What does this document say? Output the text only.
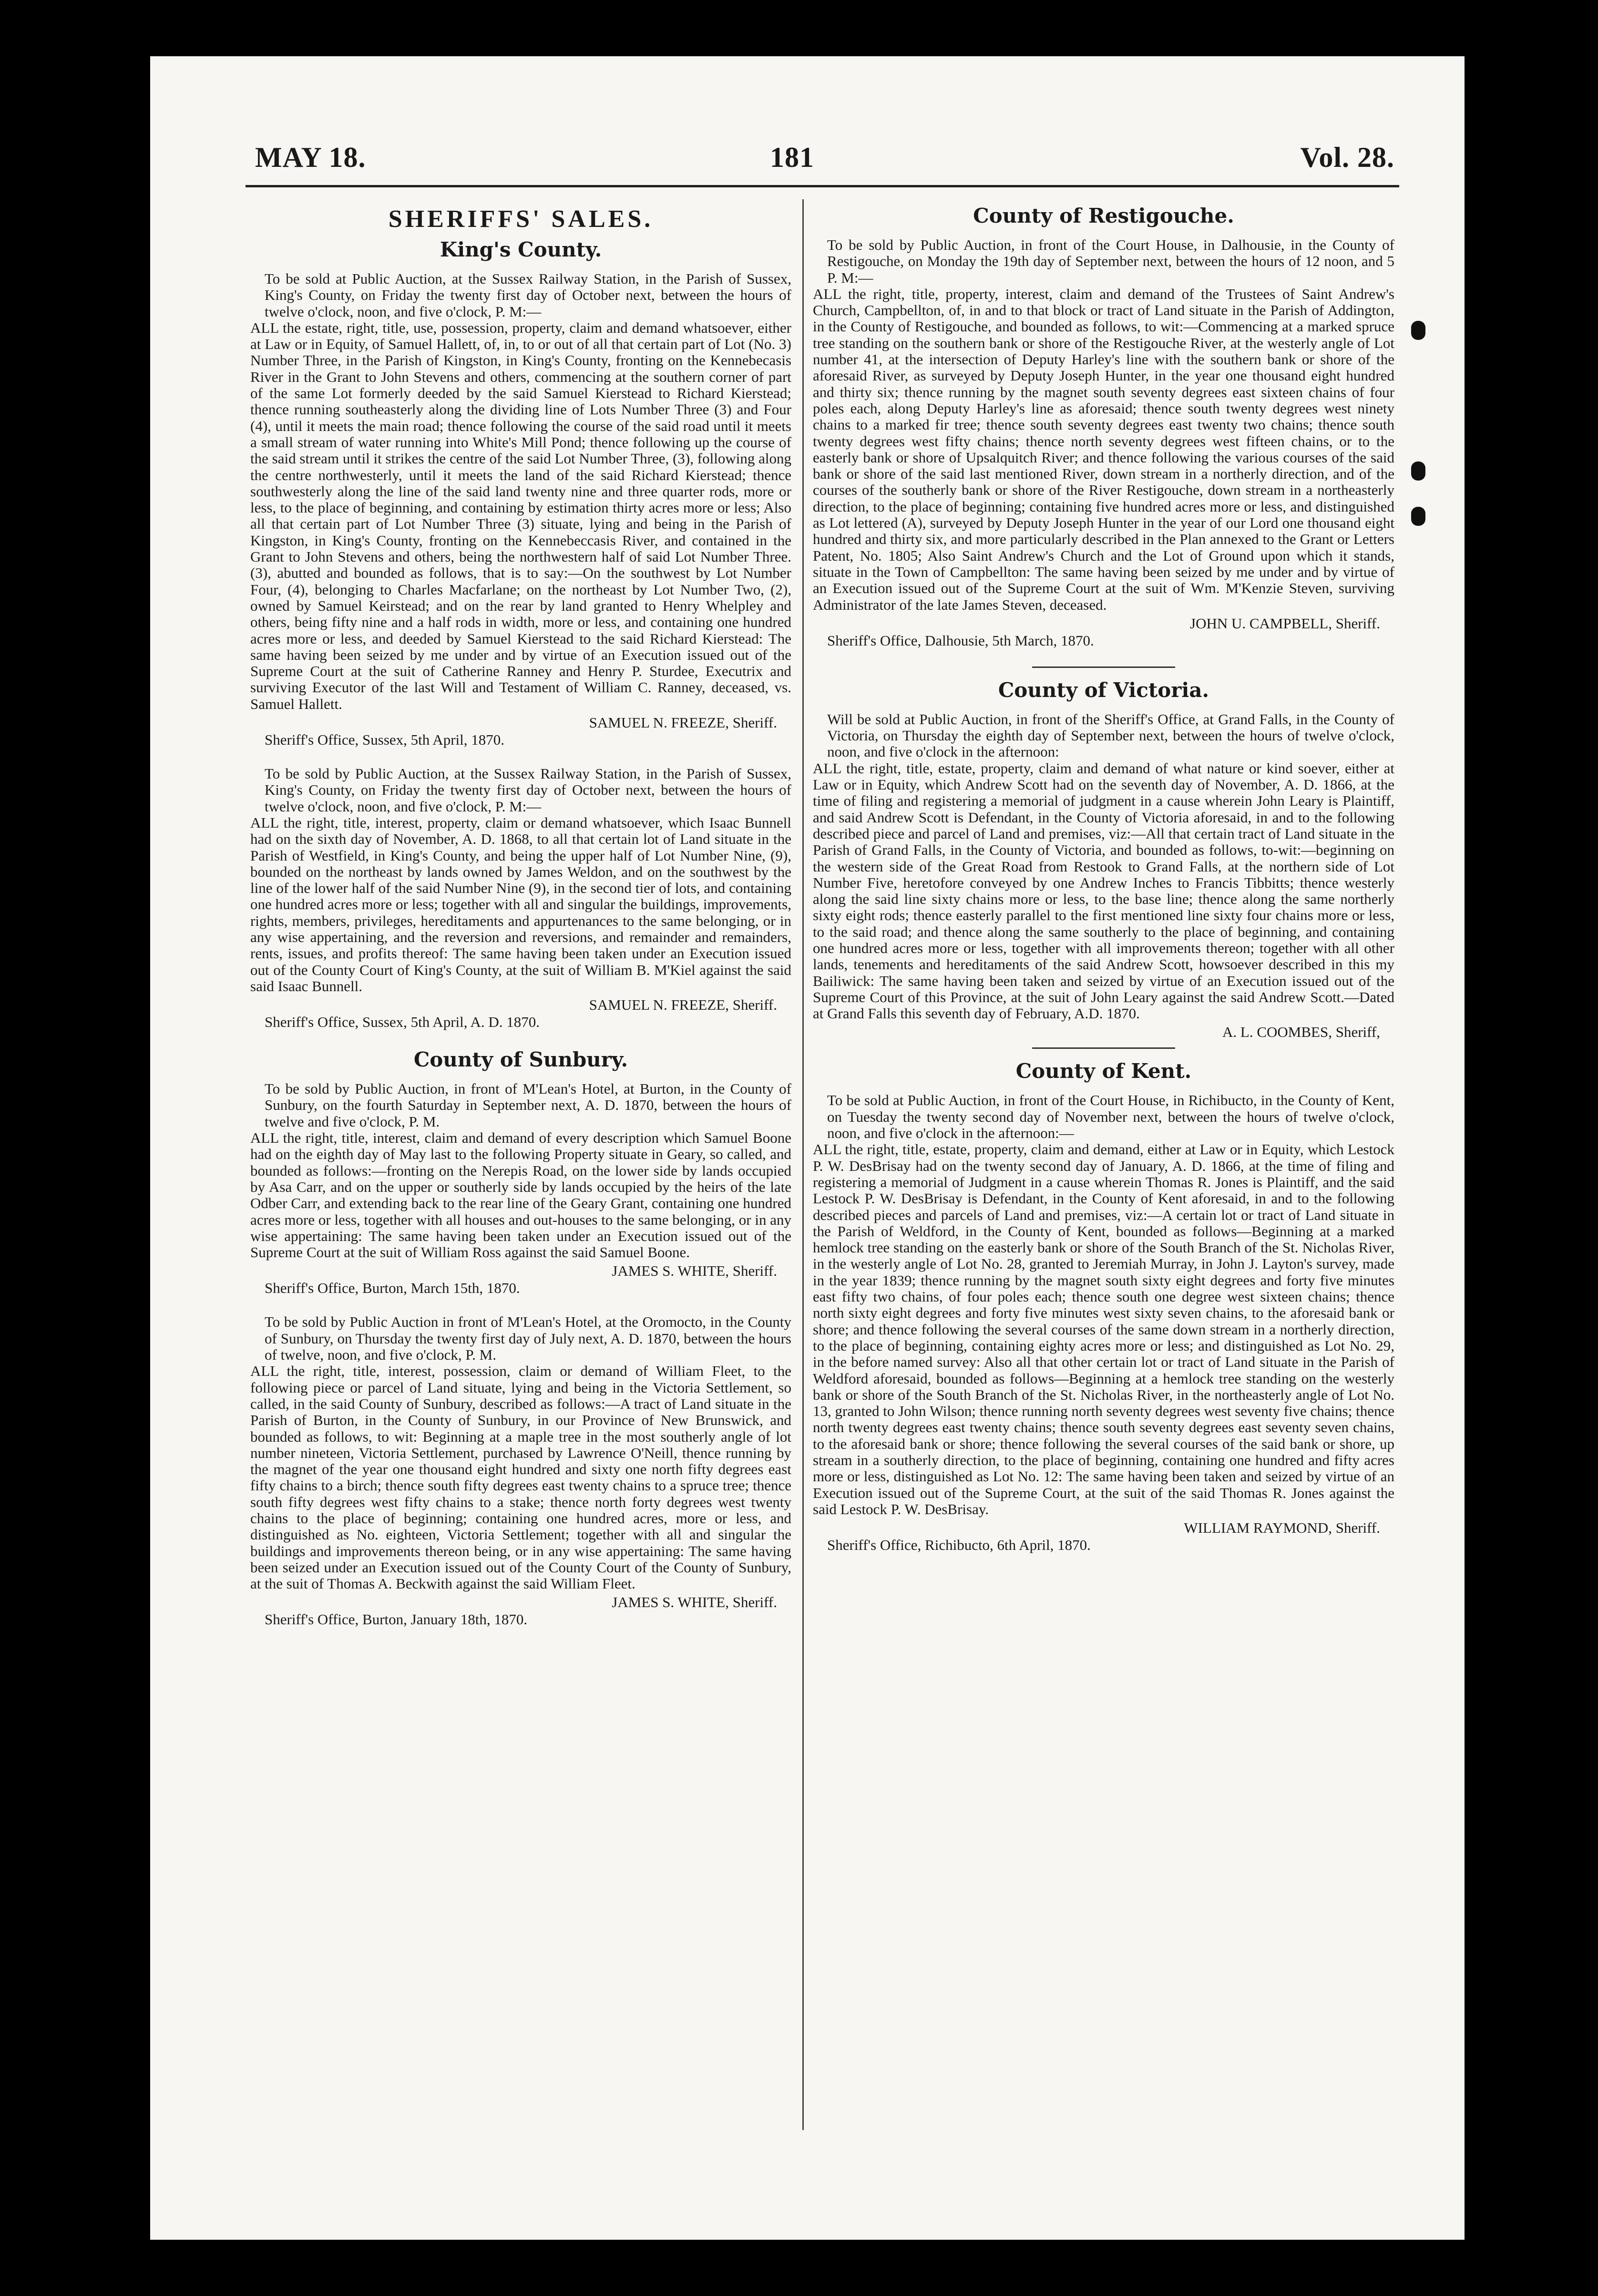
MAY 18.	181	Vol. 28.
SHERIFFS' SALES.
King's County.

To be sold at Public Auction, at the Sussex Railway Station, in the Parish of Sussex, King's County, on Friday the twenty first day of October next, between the hours of twelve o'clock, noon, and five o'clock, P. M:—

ALL the estate, right, title, use, possession, property, claim and demand whatsoever, either at Law or in Equity, of Samuel Hallett, of, in, to or out of all that certain part of Lot (No. 3) Number Three, in the Parish of Kingston, in King's County, fronting on the Kennebecasis River in the Grant to John Stevens and others, commencing at the southern corner of part of the same Lot formerly deeded by the said Samuel Kierstead to Richard Kierstead; thence running southeasterly along the dividing line of Lots Number Three (3) and Four (4), until it meets the main road; thence following the course of the said road until it meets a small stream of water running into White's Mill Pond; thence following up the course of the said stream until it strikes the centre of the said Lot Number Three, (3), following along the centre northwesterly, until it meets the land of the said Richard Kierstead; thence southwesterly along the line of the said land twenty nine and three quarter rods, more or less, to the place of beginning, and containing by estimation thirty acres more or less; Also all that certain part of Lot Number Three (3) situate, lying and being in the Parish of Kingston, in King's County, fronting on the Kennebeccasis River, and contained in the Grant to John Stevens and others, being the northwestern half of said Lot Number Three. (3), abutted and bounded as follows, that is to say:—On the southwest by Lot Number Four, (4), belonging to Charles Macfarlane; on the northeast by Lot Number Two, (2), owned by Samuel Keirstead; and on the rear by land granted to Henry Whelpley and others, being fifty nine and a half rods in width, more or less, and containing one hundred acres more or less, and deeded by Samuel Kierstead to the said Richard Kierstead: The same having been seized by me under and by virtue of an Execution issued out of the Supreme Court at the suit of Catherine Ranney and Henry P. Sturdee, Executrix and surviving Executor of the last Will and Testament of William C. Ranney, deceased, vs. Samuel Hallett.

SAMUEL N. FREEZE, Sheriff.

Sheriff's Office, Sussex, 5th April, 1870.

To be sold by Public Auction, at the Sussex Railway Station, in the Parish of Sussex, King's County, on Friday the twenty first day of October next, between the hours of twelve o'clock, noon, and five o'clock, P. M:—

ALL the right, title, interest, property, claim or demand whatsoever, which Isaac Bunnell had on the sixth day of November, A. D. 1868, to all that certain lot of Land situate in the Parish of Westfield, in King's County, and being the upper half of Lot Number Nine, (9), bounded on the northeast by lands owned by James Weldon, and on the southwest by the line of the lower half of the said Number Nine (9), in the second tier of lots, and containing one hundred acres more or less; together with all and singular the buildings, improvements, rights, members, privileges, hereditaments and appurtenances to the same belonging, or in any wise appertaining, and the reversion and reversions, and remainder and remainders, rents, issues, and profits thereof: The same having been taken under an Execution issued out of the County Court of King's County, at the suit of William B. M'Kiel against the said said Isaac Bunnell.

SAMUEL N. FREEZE, Sheriff.

Sheriff's Office, Sussex, 5th April, A. D. 1870.

County of Sunbury.

To be sold by Public Auction, in front of M'Lean's Hotel, at Burton, in the County of Sunbury, on the fourth Saturday in September next, A. D. 1870, between the hours of twelve and five o'clock, P. M.

ALL the right, title, interest, claim and demand of every description which Samuel Boone had on the eighth day of May last to the following Property situate in Geary, so called, and bounded as follows:—fronting on the Nerepis Road, on the lower side by lands occupied by Asa Carr, and on the upper or southerly side by lands occupied by the heirs of the late Odber Carr, and extending back to the rear line of the Geary Grant, containing one hundred acres more or less, together with all houses and out-houses to the same belonging, or in any wise appertaining: The same having been taken under an Execution issued out of the Supreme Court at the suit of William Ross against the said Samuel Boone.

JAMES S. WHITE, Sheriff.

Sheriff's Office, Burton, March 15th, 1870.

To be sold by Public Auction in front of M'Lean's Hotel, at the Oromocto, in the County of Sunbury, on Thursday the twenty first day of July next, A. D. 1870, between the hours of twelve, noon, and five o'clock, P. M.

ALL the right, title, interest, possession, claim or demand of William Fleet, to the following piece or parcel of Land situate, lying and being in the Victoria Settlement, so called, in the said County of Sunbury, described as follows:—A tract of Land situate in the Parish of Burton, in the County of Sunbury, in our Province of New Brunswick, and bounded as follows, to wit: Beginning at a maple tree in the most southerly angle of lot number nineteen, Victoria Settlement, purchased by Lawrence O'Neill, thence running by the magnet of the year one thousand eight hundred and sixty one north fifty degrees east fifty chains to a birch; thence south fifty degrees east twenty chains to a spruce tree; thence south fifty degrees west fifty chains to a stake; thence north forty degrees west twenty chains to the place of beginning; containing one hundred acres, more or less, and distinguished as No. eighteen, Victoria Settlement; together with all and singular the buildings and improvements thereon being, or in any wise appertaining: The same having been seized under an Execution issued out of the County Court of the County of Sunbury, at the suit of Thomas A. Beckwith against the said William Fleet.

JAMES S. WHITE, Sheriff.

Sheriff's Office, Burton, January 18th, 1870.

County of Restigouche.

To be sold by Public Auction, in front of the Court House, in Dalhousie, in the County of Restigouche, on Monday the 19th day of September next, between the hours of 12 noon, and 5 P. M:—

ALL the right, title, property, interest, claim and demand of the Trustees of Saint Andrew's Church, Campbellton, of, in and to that block or tract of Land situate in the Parish of Addington, in the County of Restigouche, and bounded as follows, to wit:—Commencing at a marked spruce tree standing on the southern bank or shore of the Restigouche River, at the westerly angle of Lot number 41, at the intersection of Deputy Harley's line with the southern bank or shore of the aforesaid River, as surveyed by Deputy Joseph Hunter, in the year one thousand eight hundred and thirty six; thence running by the magnet south seventy degrees east sixteen chains of four poles each, along Deputy Harley's line as aforesaid; thence south twenty degrees west ninety chains to a marked fir tree; thence south seventy degrees east twenty two chains; thence south twenty degrees west fifty chains; thence north seventy degrees west fifteen chains, or to the easterly bank or shore of Upsalquitch River; and thence following the various courses of the said bank or shore of the said last mentioned River, down stream in a northerly direction, and of the courses of the southerly bank or shore of the River Restigouche, down stream in a northeasterly direction, to the place of beginning; containing five hundred acres more or less, and distinguished as Lot lettered (A), surveyed by Deputy Joseph Hunter in the year of our Lord one thousand eight hundred and thirty six, and more particularly described in the Plan annexed to the Grant or Letters Patent, No. 1805; Also Saint Andrew's Church and the Lot of Ground upon which it stands, situate in the Town of Campbellton: The same having been seized by me under and by virtue of an Execution issued out of the Supreme Court at the suit of Wm. M'Kenzie Steven, surviving Administrator of the late James Steven, deceased.

JOHN U. CAMPBELL, Sheriff.

Sheriff's Office, Dalhousie, 5th March, 1870.

County of Victoria.

Will be sold at Public Auction, in front of the Sheriff's Office, at Grand Falls, in the County of Victoria, on Thursday the eighth day of September next, between the hours of twelve o'clock, noon, and five o'clock in the afternoon:

ALL the right, title, estate, property, claim and demand of what nature or kind soever, either at Law or in Equity, which Andrew Scott had on the seventh day of November, A. D. 1866, at the time of filing and registering a memorial of judgment in a cause wherein John Leary is Plaintiff, and said Andrew Scott is Defendant, in the County of Victoria aforesaid, in and to the following described piece and parcel of Land and premises, viz:—All that certain tract of Land situate in the Parish of Grand Falls, in the County of Victoria, and bounded as follows, to-wit:—beginning on the western side of the Great Road from Restook to Grand Falls, at the northern side of Lot Number Five, heretofore conveyed by one Andrew Inches to Francis Tibbitts; thence westerly along the said line sixty chains more or less, to the base line; thence along the same northerly sixty eight rods; thence easterly parallel to the first mentioned line sixty four chains more or less, to the said road; and thence along the same southerly to the place of beginning, and containing one hundred acres more or less, together with all improvements thereon; together with all other lands, tenements and hereditaments of the said Andrew Scott, howsoever described in this my Bailiwick: The same having been taken and seized by virtue of an Execution issued out of the Supreme Court of this Province, at the suit of John Leary against the said Andrew Scott.—Dated at Grand Falls this seventh day of February, A.D. 1870.

A. L. COOMBES, Sheriff,

County of Kent.

To be sold at Public Auction, in front of the Court House, in Richibucto, in the County of Kent, on Tuesday the twenty second day of November next, between the hours of twelve o'clock, noon, and five o'clock in the afternoon:—

ALL the right, title, estate, property, claim and demand, either at Law or in Equity, which Lestock P. W. DesBrisay had on the twenty second day of January, A. D. 1866, at the time of filing and registering a memorial of Judgment in a cause wherein Thomas R. Jones is Plaintiff, and the said Lestock P. W. DesBrisay is Defendant, in the County of Kent aforesaid, in and to the following described pieces and parcels of Land and premises, viz:—A certain lot or tract of Land situate in the Parish of Weldford, in the County of Kent, bounded as follows—Beginning at a marked hemlock tree standing on the easterly bank or shore of the South Branch of the St. Nicholas River, in the westerly angle of Lot No. 28, granted to Jeremiah Murray, in John J. Layton's survey, made in the year 1839; thence running by the magnet south sixty eight degrees and forty five minutes east fifty two chains, of four poles each; thence south one degree west sixteen chains; thence north sixty eight degrees and forty five minutes west sixty seven chains, to the aforesaid bank or shore; and thence following the several courses of the same down stream in a northerly direction, to the place of beginning, containing eighty acres more or less; and distinguished as Lot No. 29, in the before named survey: Also all that other certain lot or tract of Land situate in the Parish of Weldford aforesaid, bounded as follows—Beginning at a hemlock tree standing on the westerly bank or shore of the South Branch of the St. Nicholas River, in the northeasterly angle of Lot No. 13, granted to John Wilson; thence running north seventy degrees west seventy five chains; thence north twenty degrees east twenty chains; thence south seventy degrees east seventy seven chains, to the aforesaid bank or shore; thence following the several courses of the said bank or shore, up stream in a southerly direction, to the place of beginning, containing one hundred and fifty acres more or less, distinguished as Lot No. 12: The same having been taken and seized by virtue of an Execution issued out of the Supreme Court, at the suit of the said Thomas R. Jones against the said Lestock P. W. DesBrisay.

WILLIAM RAYMOND, Sheriff.

Sheriff's Office, Richibucto, 6th April, 1870.
